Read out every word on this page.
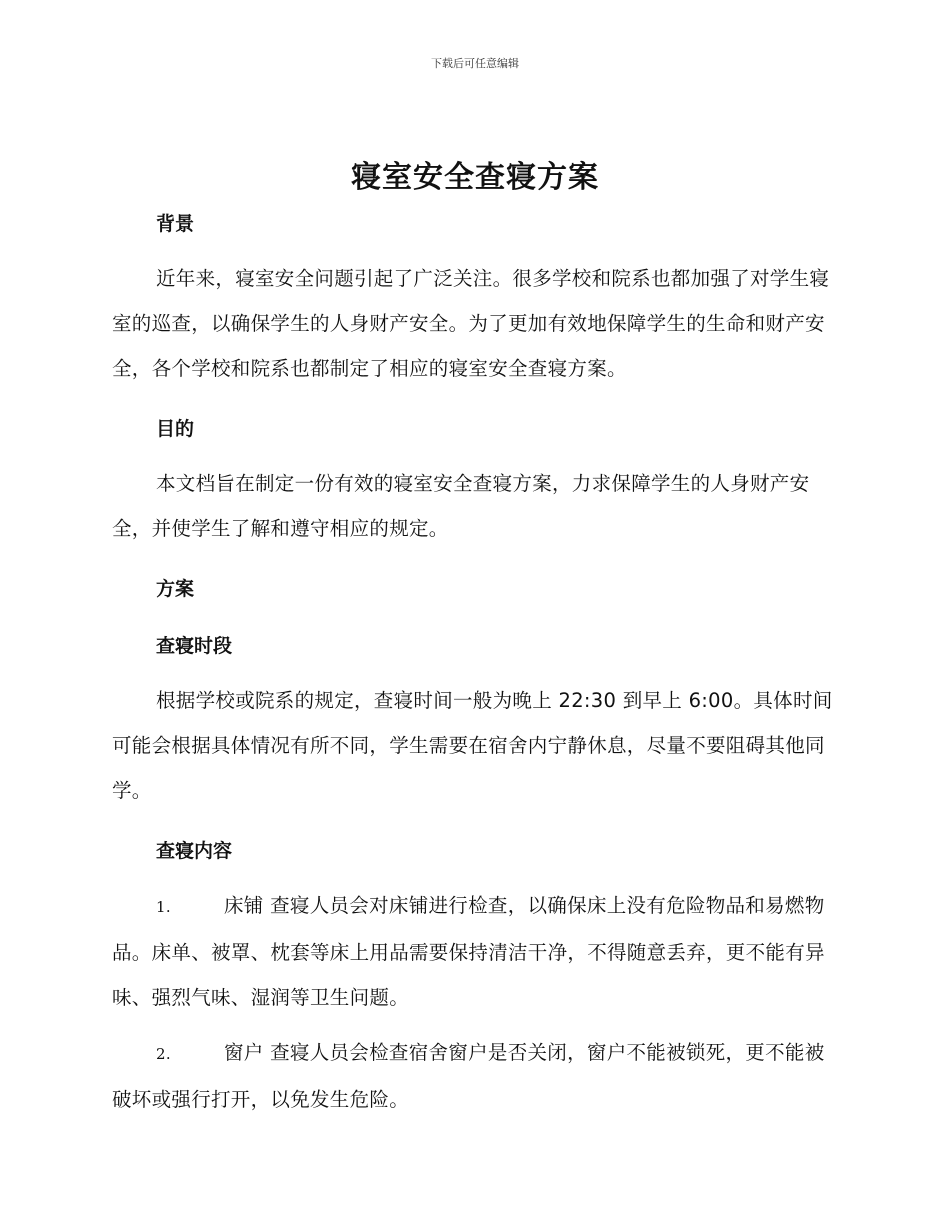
下载后可任意编辑
寝室安全查寝方案
背景
近年来，寝室安全问题引起了广泛关注。很多学校和院系也都加强了对学生寝室的巡查，以确保学生的人身财产安全。为了更加有效地保障学生的生命和财产安全，各个学校和院系也都制定了相应的寝室安全查寝方案。
目的
本文档旨在制定一份有效的寝室安全查寝方案，力求保障学生的人身财产安全，并使学生了解和遵守相应的规定。
方案
查寝时段
根据学校或院系的规定，查寝时间一般为晚上 22:30 到早上 6:00。具体时间可能会根据具体情况有所不同，学生需要在宿舍内宁静休息，尽量不要阻碍其他同学。
查寝内容
1.	床铺 查寝人员会对床铺进行检查，以确保床上没有危险物品和易燃物品。床单、被罩、枕套等床上用品需要保持清洁干净，不得随意丢弃，更不能有异味、强烈气味、湿润等卫生问题。
2.	窗户 查寝人员会检查宿舍窗户是否关闭，窗户不能被锁死，更不能被破坏或强行打开，以免发生危险。
